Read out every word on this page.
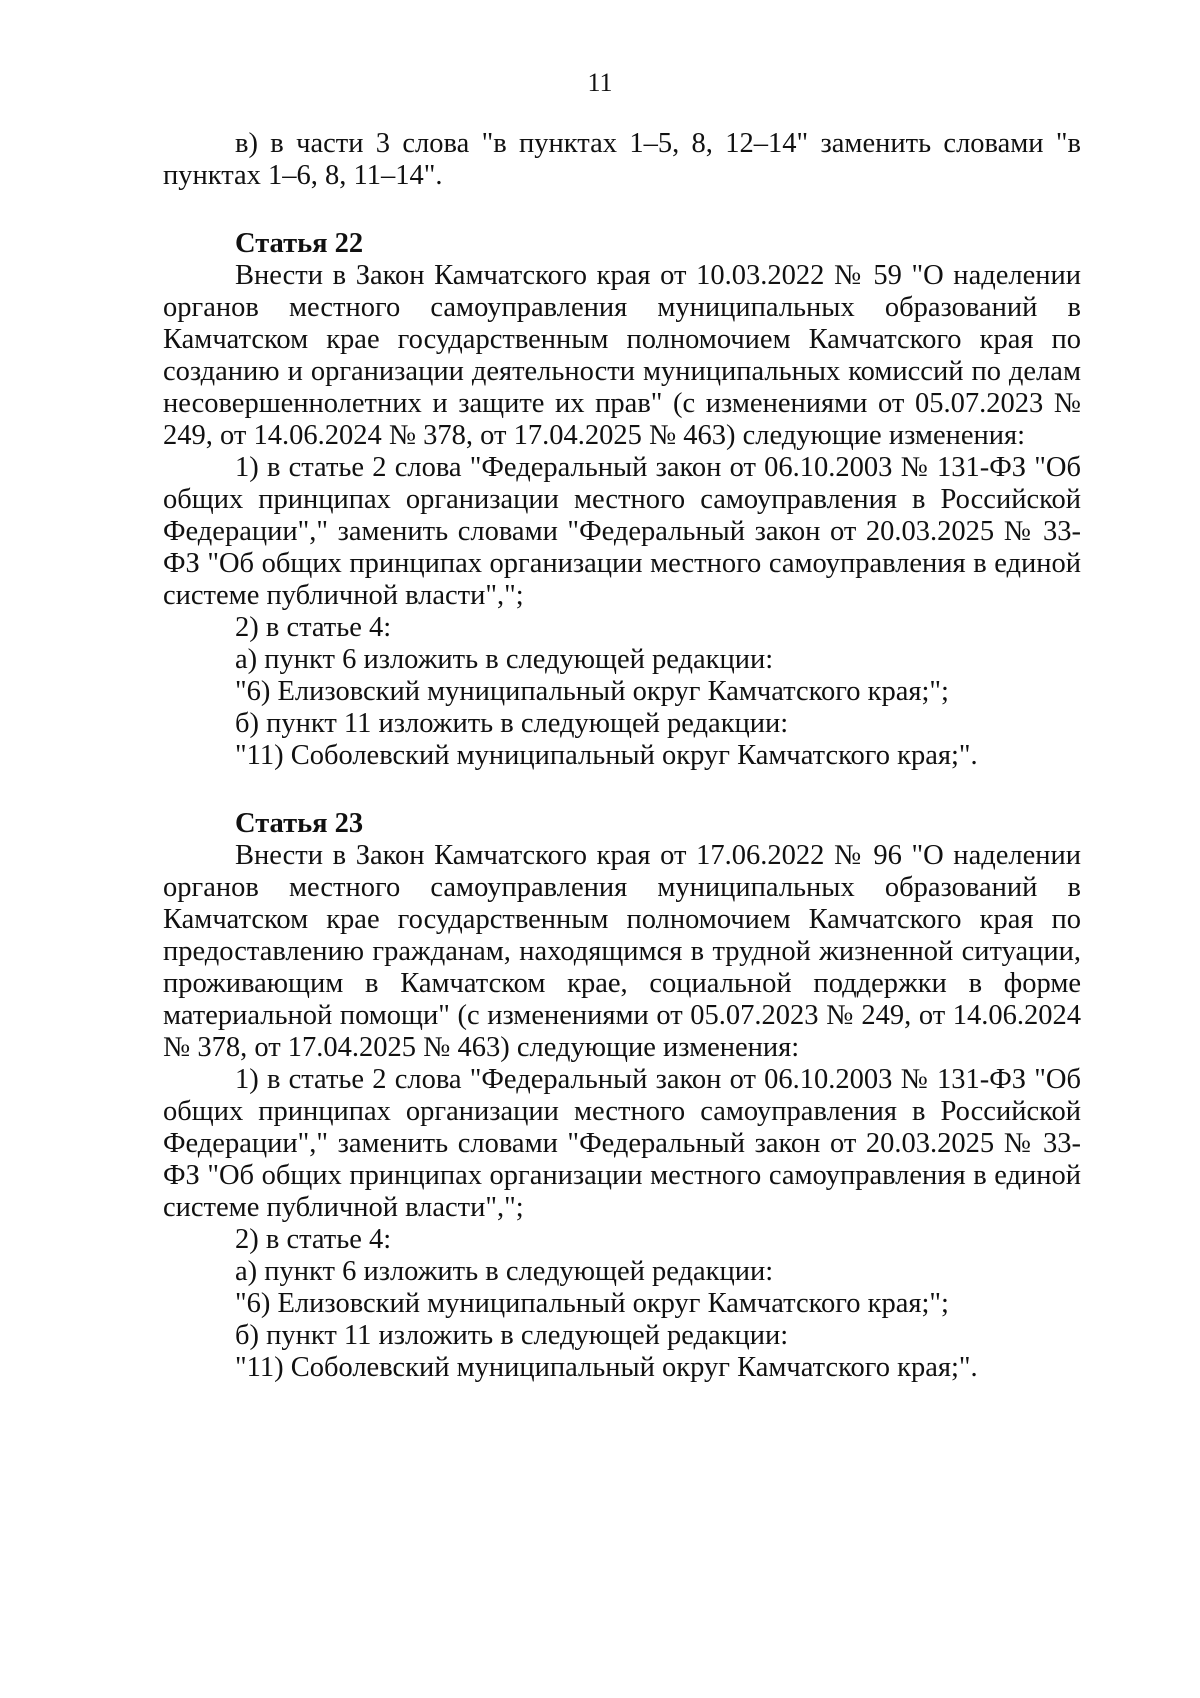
11

в) в части 3 слова "в пунктах 1–5, 8, 12–14" заменить словами "в пунктах 1–6, 8, 11–14".

Статья 22

Внести в Закон Камчатского края от 10.03.2022 № 59 "О наделении органов местного самоуправления муниципальных образований в Камчатском крае государственным полномочием Камчатского края по созданию и организации деятельности муниципальных комиссий по делам несовершеннолетних и защите их прав" (с изменениями от 05.07.2023 № 249, от 14.06.2024 № 378, от 17.04.2025 № 463) следующие изменения:

1) в статье 2 слова "Федеральный закон от 06.10.2003 № 131-ФЗ "Об общих принципах организации местного самоуправления в Российской Федерации"," заменить словами "Федеральный закон от 20.03.2025 № 33-ФЗ "Об общих принципах организации местного самоуправления в единой системе публичной власти",";

2) в статье 4:

а) пункт 6 изложить в следующей редакции:

"6) Елизовский муниципальный округ Камчатского края;";

б) пункт 11 изложить в следующей редакции:

"11) Соболевский муниципальный округ Камчатского края;".

Статья 23

Внести в Закон Камчатского края от 17.06.2022 № 96 "О наделении органов местного самоуправления муниципальных образований в Камчатском крае государственным полномочием Камчатского края по предоставлению гражданам, находящимся в трудной жизненной ситуации, проживающим в Камчатском крае, социальной поддержки в форме материальной помощи" (с изменениями от 05.07.2023 № 249, от 14.06.2024 № 378, от 17.04.2025 № 463) следующие изменения:

1) в статье 2 слова "Федеральный закон от 06.10.2003 № 131-ФЗ "Об общих принципах организации местного самоуправления в Российской Федерации"," заменить словами "Федеральный закон от 20.03.2025 № 33-ФЗ "Об общих принципах организации местного самоуправления в единой системе публичной власти",";

2) в статье 4:

а) пункт 6 изложить в следующей редакции:

"6) Елизовский муниципальный округ Камчатского края;";

б) пункт 11 изложить в следующей редакции:

"11) Соболевский муниципальный округ Камчатского края;".
